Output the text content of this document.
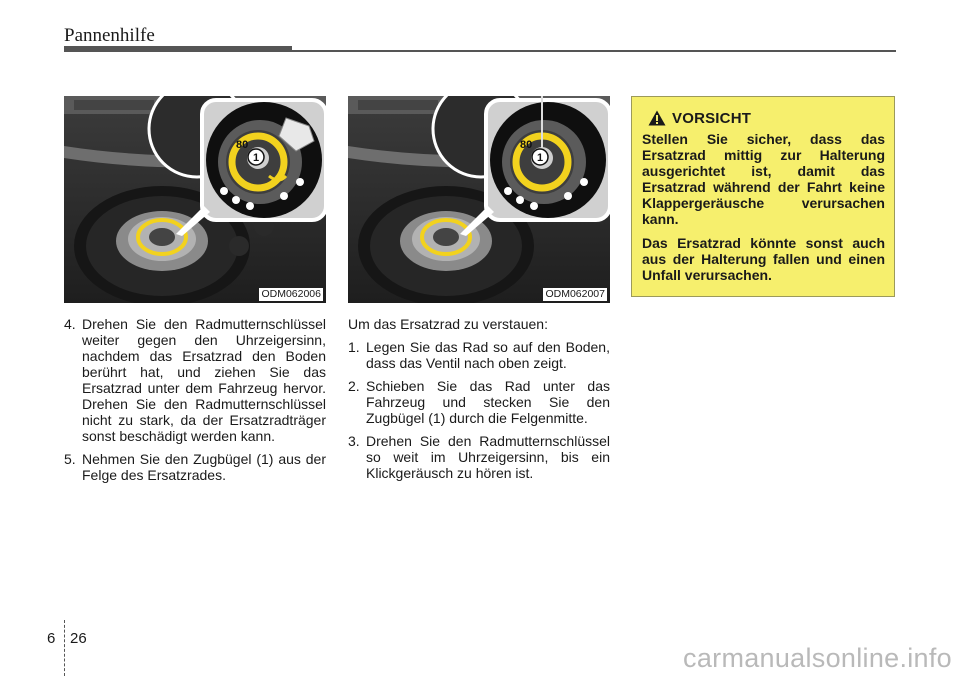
Pannenhilfe
80
1
ODM062006
80
1
ODM062007
4. Drehen Sie den Radmutternschlüssel weiter gegen den Uhrzeigersinn, nachdem das Ersatzrad den Boden berührt hat, und ziehen Sie das Ersatzrad unter dem Fahrzeug hervor. Drehen Sie den Radmutternschlüssel nicht zu stark, da der Ersatzradträger sonst beschädigt werden kann.

5. Nehmen Sie den Zugbügel (1) aus der Felge des Ersatzrades.

Um das Ersatzrad zu verstauen:

1. Legen Sie das Rad so auf den Boden, dass das Ventil nach oben zeigt.

2. Schieben Sie das Rad unter das Fahrzeug und stecken Sie den Zugbügel (1) durch die Felgenmitte.

3. Drehen Sie den Radmutternschlüssel so weit im Uhrzeigersinn, bis ein Klickgeräusch zu hören ist.

VORSICHT

Stellen Sie sicher, dass das Ersatzrad mittig zur Halterung ausgerichtet ist, damit das Ersatzrad während der Fahrt keine Klappergeräusche verursachen kann.

Das Ersatzrad könnte sonst auch aus der Halterung fallen und einen Unfall verursachen.

6 26
carmanualsonline.info
